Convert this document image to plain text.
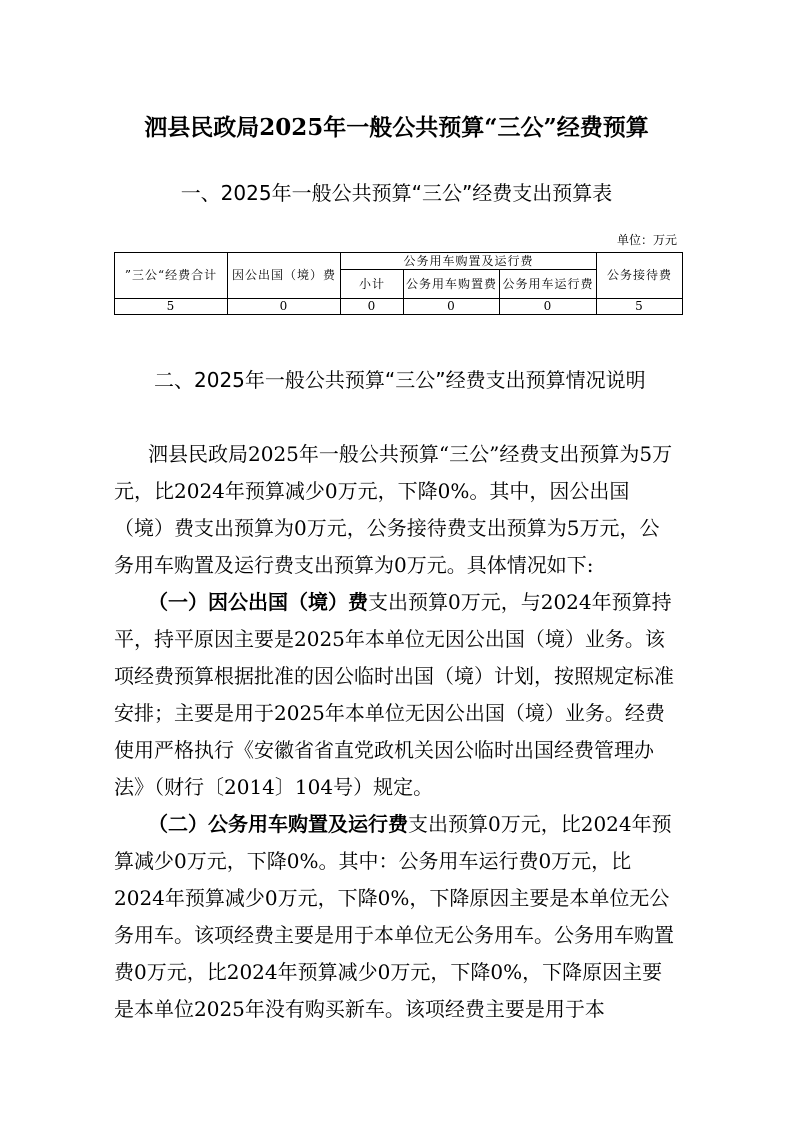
泗县民政局2025年一般公共预算“三公”经费预算
一、2025年一般公共预算“三公”经费支出预算表
单位：万元
”三公“经费合计	因公出国（境）费	公务用车购置及运行费			公务接待费
		小计	公务用车购置费	公务用车运行费	
5	0	0	0	0	5
二、2025年一般公共预算“三公”经费支出预算情况说明

泗县民政局2025年一般公共预算“三公”经费支出预算为5万元，比2024年预算减少0万元，下降0%。其中，因公出国（境）费支出预算为0万元，公务接待费支出预算为5万元，公务用车购置及运行费支出预算为0万元。具体情况如下:

（一）因公出国（境）费支出预算0万元，与2024年预算持平，持平原因主要是2025年本单位无因公出国（境）业务。该项经费预算根据批准的因公临时出国（境）计划，按照规定标准安排；主要是用于2025年本单位无因公出国（境）业务。经费使用严格执行《安徽省省直党政机关因公临时出国经费管理办法》（财行〔2014〕104号）规定。

（二）公务用车购置及运行费支出预算0万元，比2024年预算减少0万元，下降0%。其中：公务用车运行费0万元，比2024年预算减少0万元，下降0%，下降原因主要是本单位无公务用车。该项经费主要是用于本单位无公务用车。公务用车购置费0万元，比2024年预算减少0万元，下降0%，下降原因主要是本单位2025年没有购买新车。该项经费主要是用于本
